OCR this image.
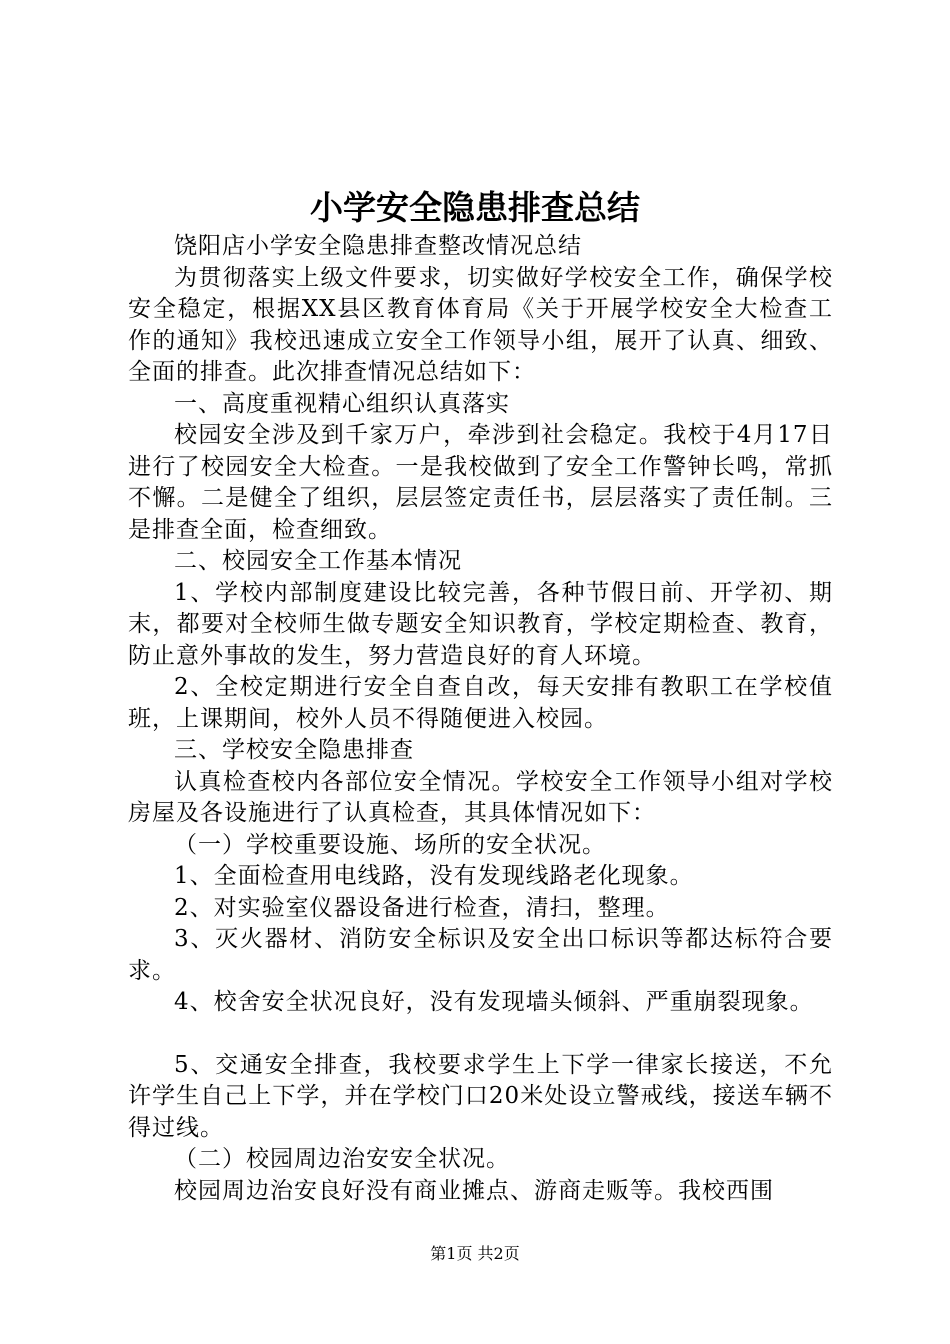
小学安全隐患排查总结

饶阳店小学安全隐患排查整改情况总结

为贯彻落实上级文件要求，切实做好学校安全工作，确保学校安全稳定，根据XX县区教育体育局《关于开展学校安全大检查工作的通知》我校迅速成立安全工作领导小组，展开了认真、细致、全面的排查。此次排查情况总结如下：

一、高度重视精心组织认真落实

校园安全涉及到千家万户，牵涉到社会稳定。我校于4月17日进行了校园安全大检查。一是我校做到了安全工作警钟长鸣，常抓不懈。二是健全了组织，层层签定责任书，层层落实了责任制。三是排查全面，检查细致。

二、校园安全工作基本情况

1、学校内部制度建设比较完善，各种节假日前、开学初、期末，都要对全校师生做专题安全知识教育，学校定期检查、教育，防止意外事故的发生，努力营造良好的育人环境。

2、全校定期进行安全自查自改，每天安排有教职工在学校值班，上课期间，校外人员不得随便进入校园。

三、学校安全隐患排查

认真检查校内各部位安全情况。学校安全工作领导小组对学校房屋及各设施进行了认真检查，其具体情况如下：

（一）学校重要设施、场所的安全状况。

1、全面检查用电线路，没有发现线路老化现象。

2、对实验室仪器设备进行检查，清扫，整理。

3、灭火器材、消防安全标识及安全出口标识等都达标符合要求。

4、校舍安全状况良好，没有发现墙头倾斜、严重崩裂现象。

5、交通安全排查，我校要求学生上下学一律家长接送，不允许学生自己上下学，并在学校门口20米处设立警戒线，接送车辆不得过线。

（二）校园周边治安安全状况。

校园周边治安良好没有商业摊点、游商走贩等。我校西围

第1页 共2页
